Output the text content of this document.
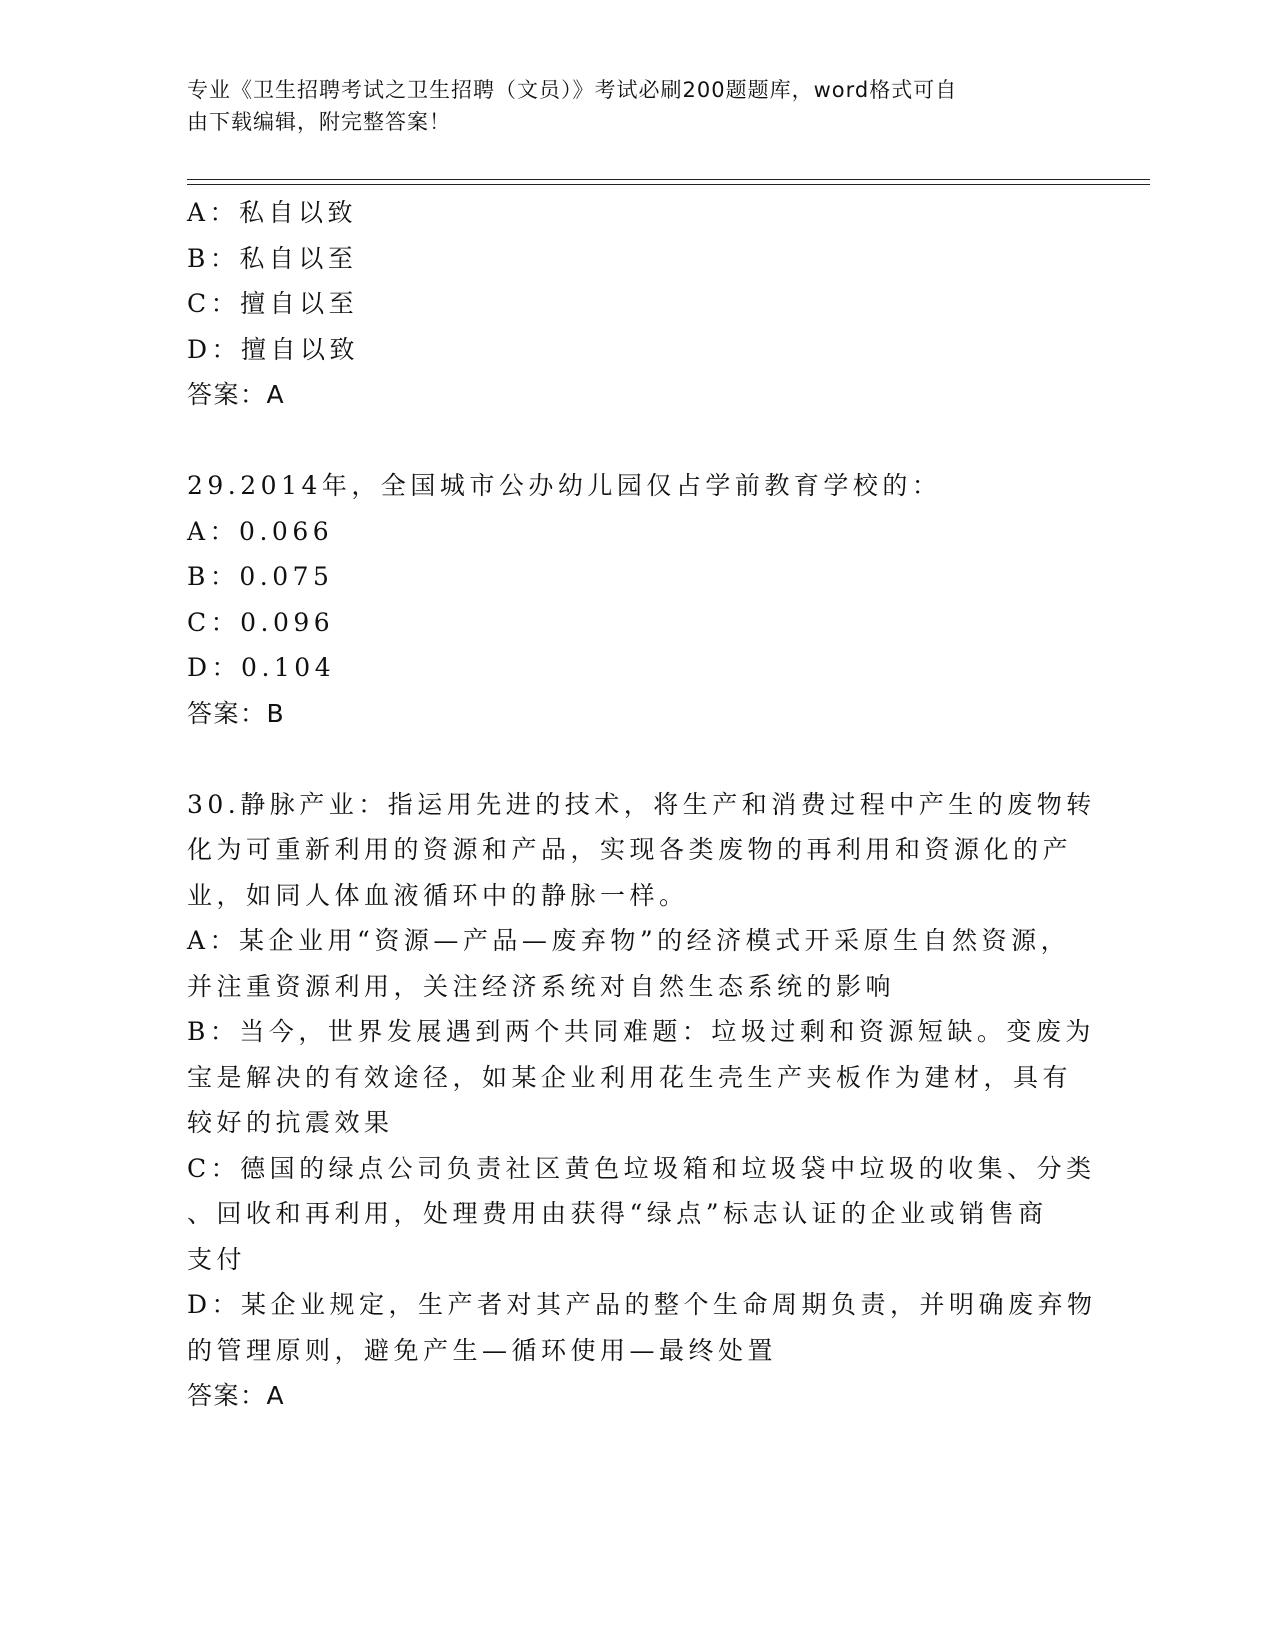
专业《卫生招聘考试之卫生招聘（文员）》考试必刷200题题库，word格式可自
由下载编辑，附完整答案！
A：私自以致
B：私自以至
C：擅自以至
D：擅自以致
答案：A
29.2014年，全国城市公办幼儿园仅占学前教育学校的：
A：0.066
B：0.075
C：0.096
D：0.104
答案：B
30.静脉产业：指运用先进的技术，将生产和消费过程中产生的废物转
化为可重新利用的资源和产品，实现各类废物的再利用和资源化的产
业，如同人体血液循环中的静脉一样。
A：某企业用“资源—产品—废弃物”的经济模式开采原生自然资源，
并注重资源利用，关注经济系统对自然生态系统的影响
B：当今，世界发展遇到两个共同难题：垃圾过剩和资源短缺。变废为
宝是解决的有效途径，如某企业利用花生壳生产夹板作为建材，具有
较好的抗震效果
C：德国的绿点公司负责社区黄色垃圾箱和垃圾袋中垃圾的收集、分类
、回收和再利用，处理费用由获得“绿点”标志认证的企业或销售商
支付
D：某企业规定，生产者对其产品的整个生命周期负责，并明确废弃物
的管理原则，避免产生—循环使用—最终处置
答案：A
